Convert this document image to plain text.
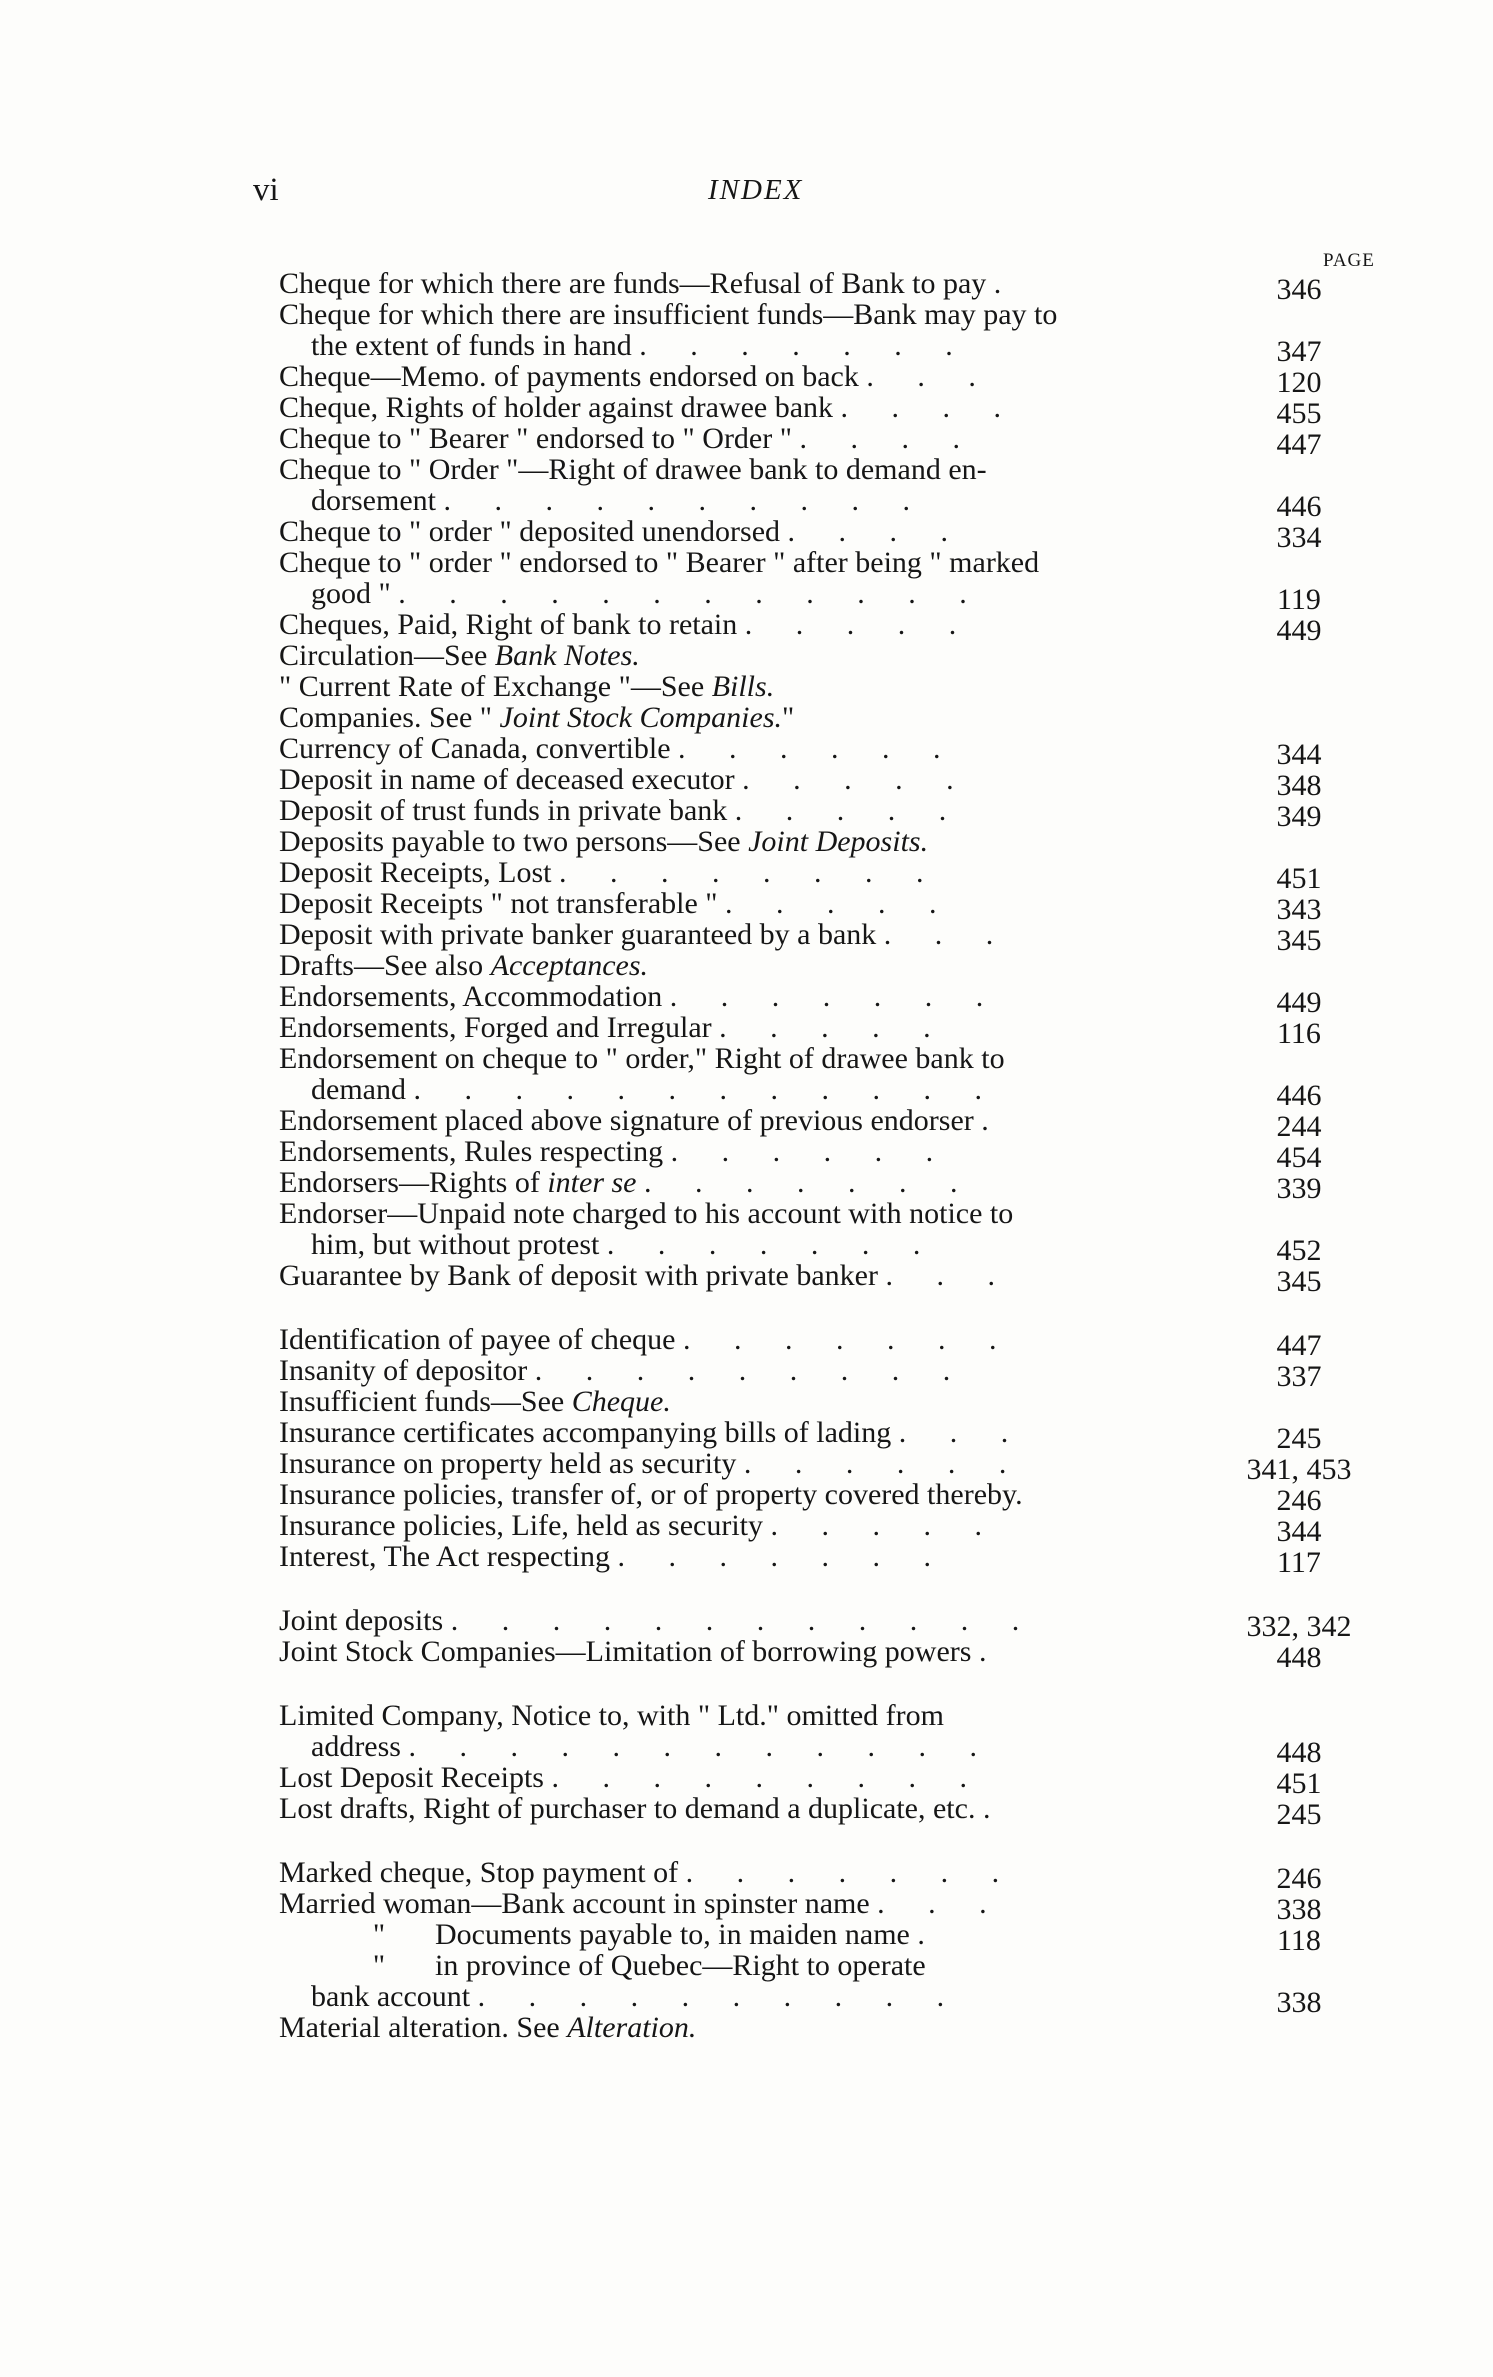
vi	INDEX
PAGE
Cheque for which there are funds—Refusal of Bank to pay .	346
Cheque for which there are insufficient funds—Bank may pay to
the extent of funds in hand . . . . . . .	347
Cheque—Memo. of payments endorsed on back . . .	120
Cheque, Rights of holder against drawee bank . . . .	455
Cheque to " Bearer " endorsed to " Order " . . . .	447
Cheque to " Order "—Right of drawee bank to demand en-
dorsement . . . . . . . . . .	446
Cheque to " order " deposited unendorsed . . . .	334
Cheque to " order " endorsed to " Bearer " after being " marked
good " . . . . . . . . . . . .	119
Cheques, Paid, Right of bank to retain . . . . .	449
Circulation—See Bank Notes.
" Current Rate of Exchange "—See Bills.
Companies. See " Joint Stock Companies."
Currency of Canada, convertible . . . . . .	344
Deposit in name of deceased executor . . . . .	348
Deposit of trust funds in private bank . . . . .	349
Deposits payable to two persons—See Joint Deposits.
Deposit Receipts, Lost . . . . . . . .	451
Deposit Receipts " not transferable " . . . . .	343
Deposit with private banker guaranteed by a bank . . .	345
Drafts—See also Acceptances.
Endorsements, Accommodation . . . . . . .	449
Endorsements, Forged and Irregular . . . . .	116
Endorsement on cheque to " order," Right of drawee bank to
demand . . . . . . . . . . . .	446
Endorsement placed above signature of previous endorser .	244
Endorsements, Rules respecting . . . . . .	454
Endorsers—Rights of inter se . . . . . . .	339
Endorser—Unpaid note charged to his account with notice to
him, but without protest . . . . . . .	452
Guarantee by Bank of deposit with private banker . . .	345
Identification of payee of cheque . . . . . . .	447
Insanity of depositor . . . . . . . . .	337
Insufficient funds—See Cheque.
Insurance certificates accompanying bills of lading . . .	245
Insurance on property held as security . . . . . .	341, 453
Insurance policies, transfer of, or of property covered thereby.	246
Insurance policies, Life, held as security . . . . .	344
Interest, The Act respecting . . . . . . .	117
Joint deposits . . . . . . . . . . . .	332, 342
Joint Stock Companies—Limitation of borrowing powers .	448
Limited Company, Notice to, with " Ltd." omitted from
address . . . . . . . . . . . .	448
Lost Deposit Receipts . . . . . . . . .	451
Lost drafts, Right of purchaser to demand a duplicate, etc. .	245
Marked cheque, Stop payment of . . . . . . .	246
Married woman—Bank account in spinster name . . .	338
" Documents payable to, in maiden name .	118
" in province of Quebec—Right to operate
bank account . . . . . . . . . .	338
Material alteration. See Alteration.
